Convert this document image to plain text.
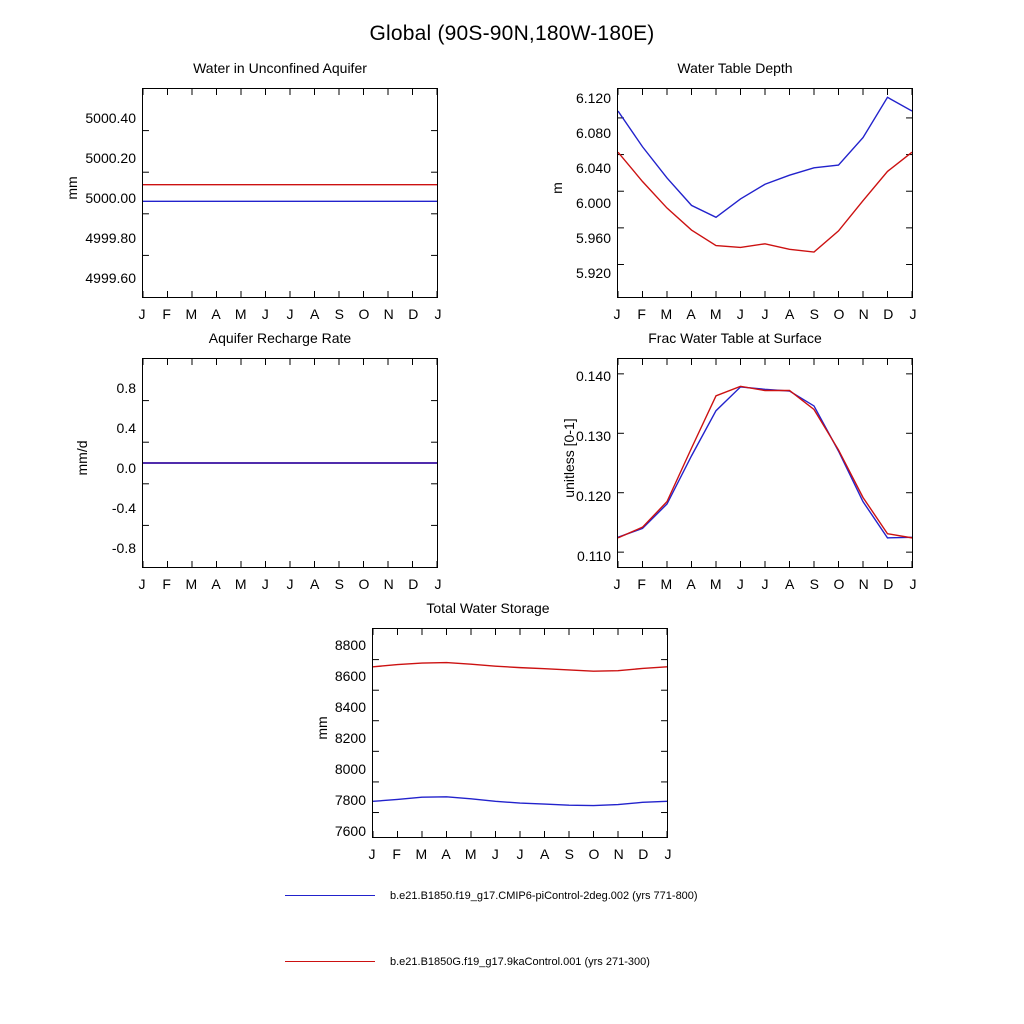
Global (90S-90N,180W-180E)
Water in Unconfined Aquifer
mm
5000.40
5000.20
5000.00
4999.80
4999.60
J F M A M J J A S O N D J
Water Table Depth
m
6.120
6.080
6.040
6.000
5.960
5.920
J F M A M J J A S O N D J
Aquifer Recharge Rate
mm/d
0.8
0.4
0.0
-0.4
-0.8
J F M A M J J A S O N D J
Frac Water Table at Surface
unitless [0-1]
0.140
0.130
0.120
0.110
J F M A M J J A S O N D J
Total Water Storage
mm
8800
8600
8400
8200
8000
7800
7600
J F M A M J J A S O N D J
b.e21.B1850.f19_g17.CMIP6-piControl-2deg.002 (yrs 771-800)
b.e21.B1850G.f19_g17.9kaControl.001 (yrs 271-300)
